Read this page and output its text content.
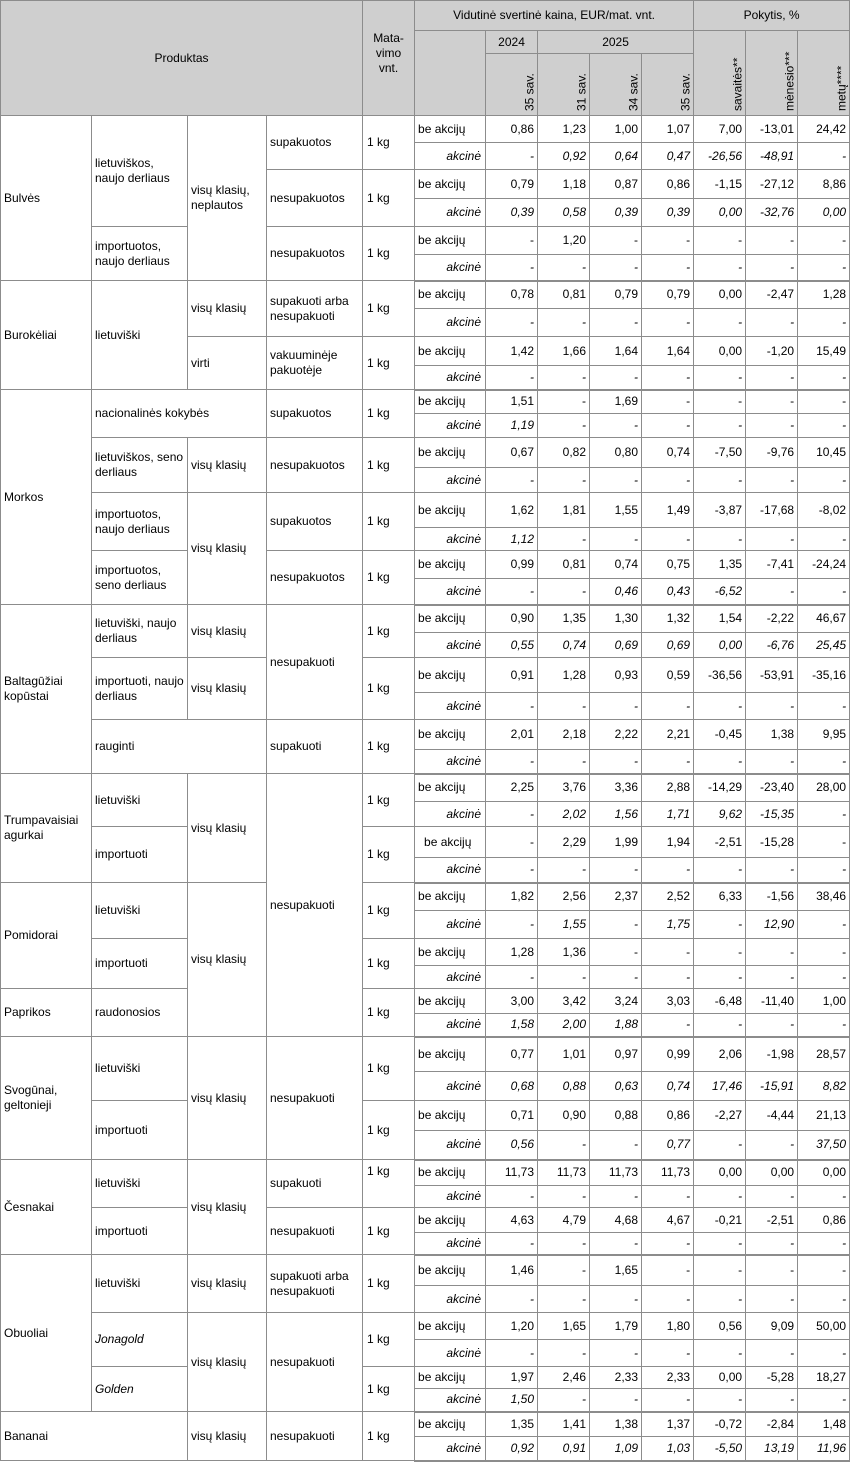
Produktas				Mata-vimo vnt.	Vidutinė svertinė kaina, EUR/mat. vnt.					Pokytis, %		
						2024	2025			savaitės**	mėnesio***	metų****
						35 sav.	31 sav.	34 sav.	35 sav.			
Bulvės	lietuviškos, naujo derliaus	visų klasių, neplautos	supakuotos	1 kg	be akcijų	0,86	1,23	1,00	1,07	7,00	-13,01	24,42
					akcinė	-	0,92	0,64	0,47	-26,56	-48,91	-
			nesupakuotos	1 kg	be akcijų	0,79	1,18	0,87	0,86	-1,15	-27,12	8,86
					akcinė	0,39	0,58	0,39	0,39	0,00	-32,76	0,00
	importuotos, naujo derliaus		nesupakuotos	1 kg	be akcijų	-	1,20	-	-	-	-	-
					akcinė	-	-	-	-	-	-	-
Burokėliai	lietuviški	visų klasių	supakuoti arba nesupakuoti	1 kg	be akcijų	0,78	0,81	0,79	0,79	0,00	-2,47	1,28
					akcinė	-	-	-	-	-	-	-
		virti	vakuuminėje pakuotėje	1 kg	be akcijų	1,42	1,66	1,64	1,64	0,00	-1,20	15,49
					akcinė	-	-	-	-	-	-	-
Morkos	nacionalinės kokybės		supakuotos	1 kg	be akcijų	1,51	-	1,69	-	-	-	-
					akcinė	1,19	-	-	-	-	-	-
	lietuviškos, seno derliaus	visų klasių	nesupakuotos	1 kg	be akcijų	0,67	0,82	0,80	0,74	-7,50	-9,76	10,45
					akcinė	-	-	-	-	-	-	-
	importuotos, naujo derliaus	visų klasių	supakuotos	1 kg	be akcijų	1,62	1,81	1,55	1,49	-3,87	-17,68	-8,02
					akcinė	1,12	-	-	-	-	-	-
	importuotos, seno derliaus		nesupakuotos	1 kg	be akcijų	0,99	0,81	0,74	0,75	1,35	-7,41	-24,24
					akcinė	-	-	0,46	0,43	-6,52	-	-
Baltagūžiai kopūstai	lietuviški, naujo derliaus	visų klasių	nesupakuoti	1 kg	be akcijų	0,90	1,35	1,30	1,32	1,54	-2,22	46,67
					akcinė	0,55	0,74	0,69	0,69	0,00	-6,76	25,45
	importuoti, naujo derliaus	visų klasių		1 kg	be akcijų	0,91	1,28	0,93	0,59	-36,56	-53,91	-35,16
					akcinė	-	-	-	-	-	-	-
	rauginti		supakuoti	1 kg	be akcijų	2,01	2,18	2,22	2,21	-0,45	1,38	9,95
					akcinė	-	-	-	-	-	-	-
Trumpavaisiai agurkai	lietuviški	visų klasių	nesupakuoti	1 kg	be akcijų	2,25	3,76	3,36	2,88	-14,29	-23,40	28,00
					akcinė	-	2,02	1,56	1,71	9,62	-15,35	-
	importuoti			1 kg	be akcijų	-	2,29	1,99	1,94	-2,51	-15,28	-
					akcinė	-	-	-	-	-	-	-
Pomidorai	lietuviški	visų klasių		1 kg	be akcijų	1,82	2,56	2,37	2,52	6,33	-1,56	38,46
					akcinė	-	1,55	-	1,75	-	12,90	-
	importuoti			1 kg	be akcijų	1,28	1,36	-	-	-	-	-
					akcinė	-	-	-	-	-	-	-
Paprikos	raudonosios			1 kg	be akcijų	3,00	3,42	3,24	3,03	-6,48	-11,40	1,00
					akcinė	1,58	2,00	1,88	-	-	-	-
Svogūnai, geltonieji	lietuviški	visų klasių	nesupakuoti	1 kg	be akcijų	0,77	1,01	0,97	0,99	2,06	-1,98	28,57
					akcinė	0,68	0,88	0,63	0,74	17,46	-15,91	8,82
	importuoti			1 kg	be akcijų	0,71	0,90	0,88	0,86	-2,27	-4,44	21,13
					akcinė	0,56	-	-	0,77	-	-	37,50
Česnakai	lietuviški	visų klasių	supakuoti	1 kg	be akcijų	11,73	11,73	11,73	11,73	0,00	0,00	0,00
					akcinė	-	-	-	-	-	-	-
	importuoti		nesupakuoti	1 kg	be akcijų	4,63	4,79	4,68	4,67	-0,21	-2,51	0,86
					akcinė	-	-	-	-	-	-	-
Obuoliai	lietuviški	visų klasių	supakuoti arba nesupakuoti	1 kg	be akcijų	1,46	-	1,65	-	-	-	-
					akcinė	-	-	-	-	-	-	-
	Jonagold	visų klasių	nesupakuoti	1 kg	be akcijų	1,20	1,65	1,79	1,80	0,56	9,09	50,00
					akcinė	-	-	-	-	-	-	-
	Golden			1 kg	be akcijų	1,97	2,46	2,33	2,33	0,00	-5,28	18,27
					akcinė	1,50	-	-	-	-	-	-
Bananai		visų klasių	nesupakuoti	1 kg	be akcijų	1,35	1,41	1,38	1,37	-0,72	-2,84	1,48
					akcinė	0,92	0,91	1,09	1,03	-5,50	13,19	11,96
